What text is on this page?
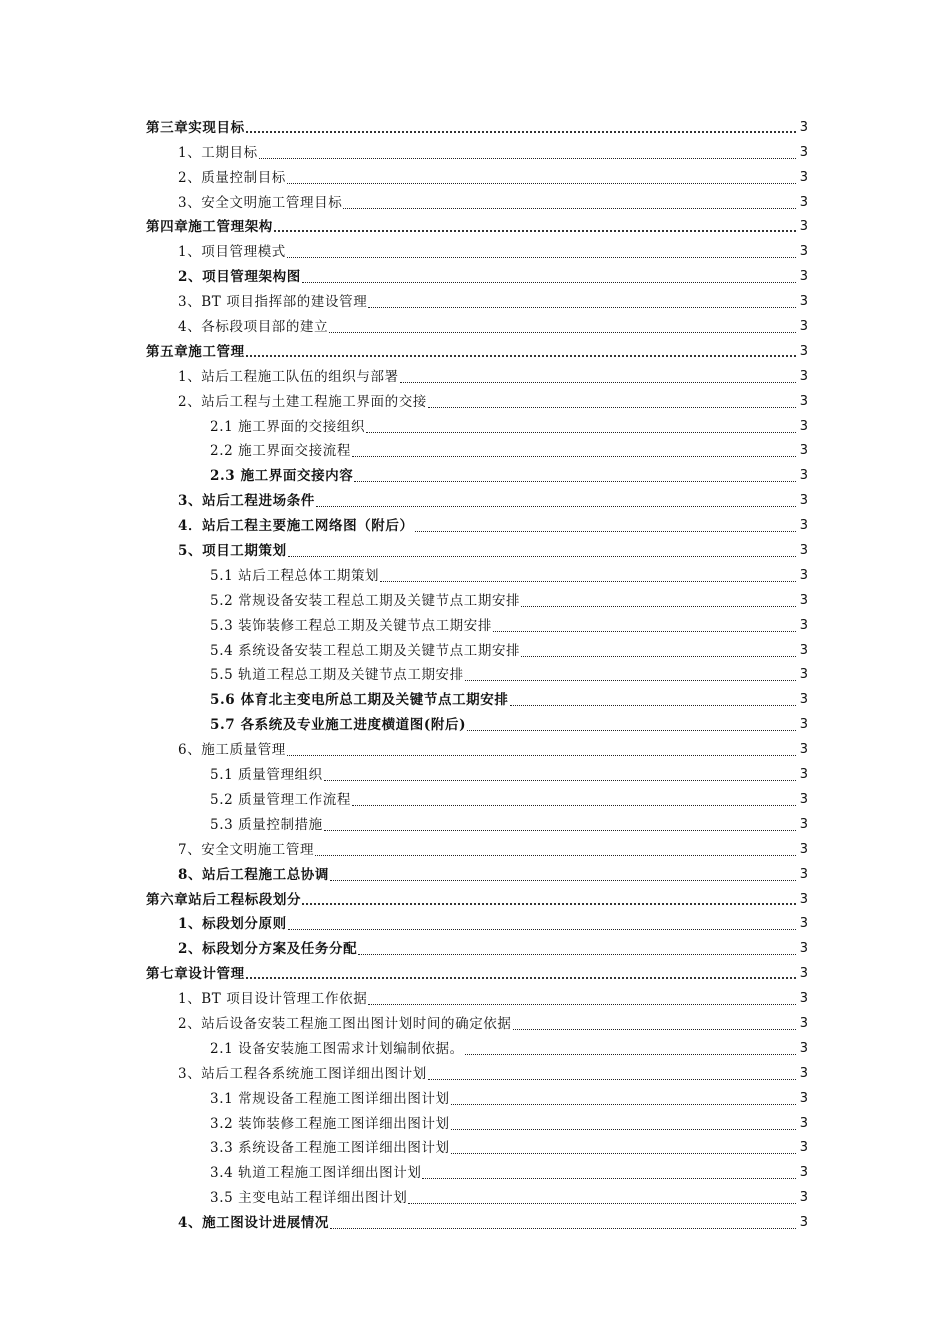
第三章实现目标	3
1、工期目标	3
2、质量控制目标	3
3、安全文明施工管理目标	3
第四章施工管理架构	3
1、项目管理模式	3
2、项目管理架构图	3
3、BT 项目指挥部的建设管理	3
4、各标段项目部的建立	3
第五章施工管理	3
1、站后工程施工队伍的组织与部署	3
2、站后工程与土建工程施工界面的交接	3
2.1 施工界面的交接组织	3
2.2 施工界面交接流程	3
2.3 施工界面交接内容	3
3、站后工程进场条件	3
4．站后工程主要施工网络图（附后）	3
5、项目工期策划	3
5.1 站后工程总体工期策划	3
5.2 常规设备安装工程总工期及关键节点工期安排	3
5.3 装饰装修工程总工期及关键节点工期安排	3
5.4 系统设备安装工程总工期及关键节点工期安排	3
5.5 轨道工程总工期及关键节点工期安排	3
5.6 体育北主变电所总工期及关键节点工期安排	3
5.7 各系统及专业施工进度横道图(附后)	3
6、施工质量管理	3
5.1 质量管理组织	3
5.2 质量管理工作流程	3
5.3 质量控制措施	3
7、安全文明施工管理	3
8、站后工程施工总协调	3
第六章站后工程标段划分	3
1、标段划分原则	3
2、标段划分方案及任务分配	3
第七章设计管理	3
1、BT 项目设计管理工作依据	3
2、站后设备安装工程施工图出图计划时间的确定依据	3
2.1 设备安装施工图需求计划编制依据。	3
3、站后工程各系统施工图详细出图计划	3
3.1 常规设备工程施工图详细出图计划	3
3.2 装饰装修工程施工图详细出图计划	3
3.3 系统设备工程施工图详细出图计划	3
3.4 轨道工程施工图详细出图计划	3
3.5 主变电站工程详细出图计划	3
4、施工图设计进展情况	3
